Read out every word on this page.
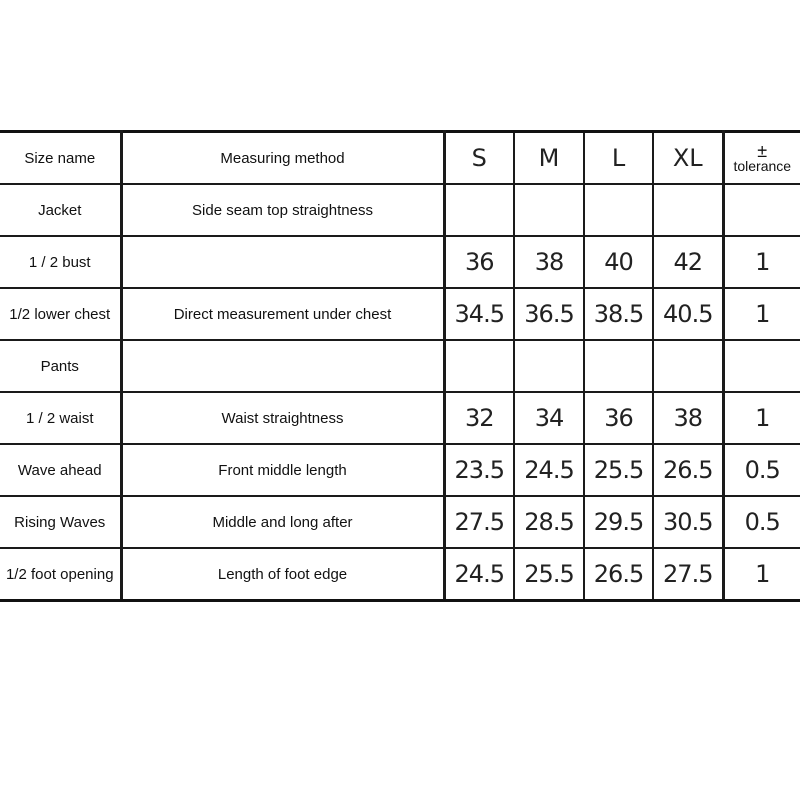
Size name	Measuring method	S	M	L	XL	±
tolerance

Jacket	Side seam top straightness					
1 / 2 bust		36	38	40	42	1
1/2 lower chest	Direct measurement under chest	34.5	36.5	38.5	40.5	1
Pants						
1 / 2 waist	Waist straightness	32	34	36	38	1
Wave ahead	Front middle length	23.5	24.5	25.5	26.5	0.5
Rising Waves	Middle and long after	27.5	28.5	29.5	30.5	0.5
1/2 foot opening	Length of foot edge	24.5	25.5	26.5	27.5	1
